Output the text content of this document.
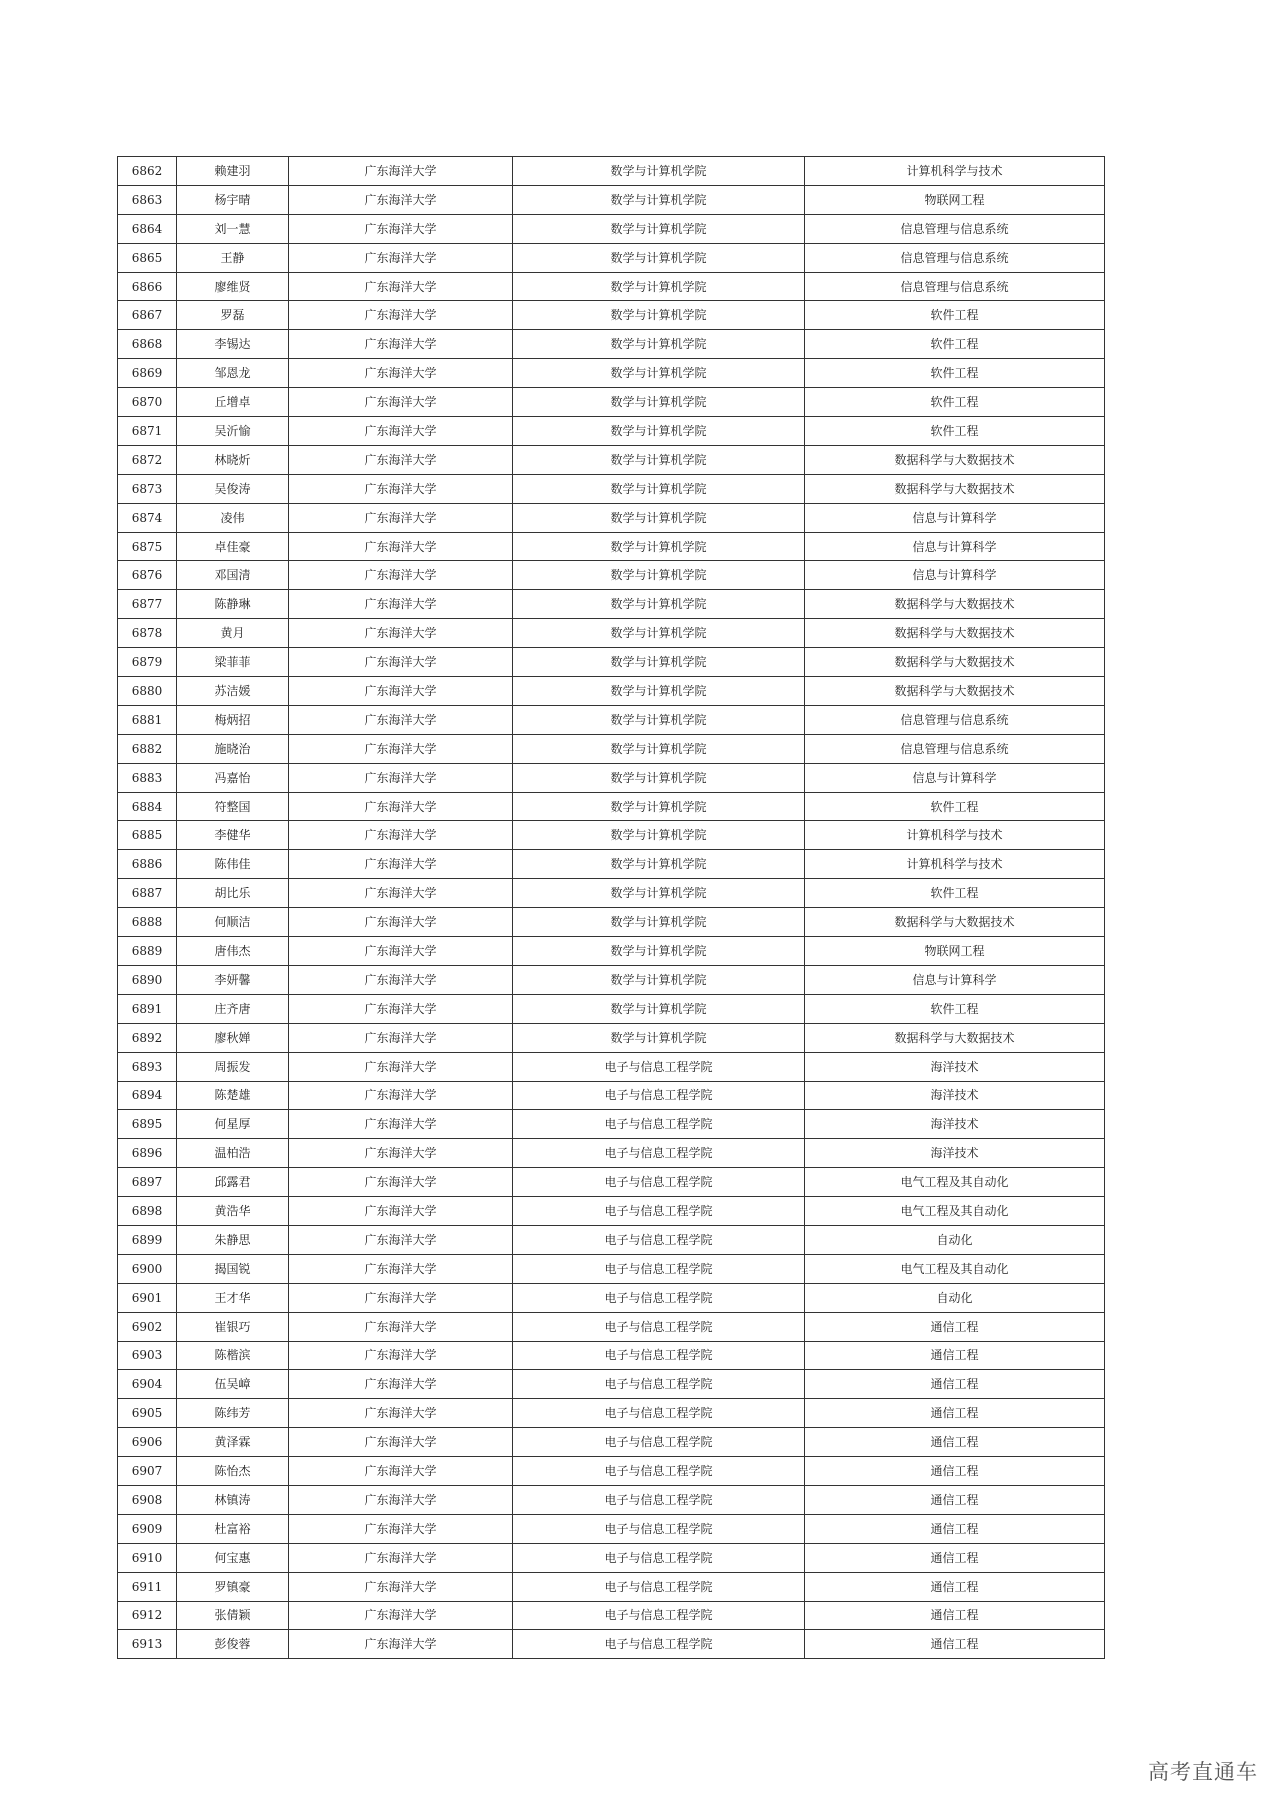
6862	赖建羽	广东海洋大学	数学与计算机学院	计算机科学与技术
6863	杨宇晴	广东海洋大学	数学与计算机学院	物联网工程
6864	刘一慧	广东海洋大学	数学与计算机学院	信息管理与信息系统
6865	王静	广东海洋大学	数学与计算机学院	信息管理与信息系统
6866	廖维贤	广东海洋大学	数学与计算机学院	信息管理与信息系统
6867	罗磊	广东海洋大学	数学与计算机学院	软件工程
6868	李锡达	广东海洋大学	数学与计算机学院	软件工程
6869	邹恩龙	广东海洋大学	数学与计算机学院	软件工程
6870	丘增卓	广东海洋大学	数学与计算机学院	软件工程
6871	吴沂愉	广东海洋大学	数学与计算机学院	软件工程
6872	林晓炘	广东海洋大学	数学与计算机学院	数据科学与大数据技术
6873	吴俊涛	广东海洋大学	数学与计算机学院	数据科学与大数据技术
6874	凌伟	广东海洋大学	数学与计算机学院	信息与计算科学
6875	卓佳豪	广东海洋大学	数学与计算机学院	信息与计算科学
6876	邓国清	广东海洋大学	数学与计算机学院	信息与计算科学
6877	陈静琳	广东海洋大学	数学与计算机学院	数据科学与大数据技术
6878	黄月	广东海洋大学	数学与计算机学院	数据科学与大数据技术
6879	梁菲菲	广东海洋大学	数学与计算机学院	数据科学与大数据技术
6880	苏洁媛	广东海洋大学	数学与计算机学院	数据科学与大数据技术
6881	梅炳招	广东海洋大学	数学与计算机学院	信息管理与信息系统
6882	施晓治	广东海洋大学	数学与计算机学院	信息管理与信息系统
6883	冯嘉怡	广东海洋大学	数学与计算机学院	信息与计算科学
6884	符整国	广东海洋大学	数学与计算机学院	软件工程
6885	李健华	广东海洋大学	数学与计算机学院	计算机科学与技术
6886	陈伟佳	广东海洋大学	数学与计算机学院	计算机科学与技术
6887	胡比乐	广东海洋大学	数学与计算机学院	软件工程
6888	何顺洁	广东海洋大学	数学与计算机学院	数据科学与大数据技术
6889	唐伟杰	广东海洋大学	数学与计算机学院	物联网工程
6890	李妍馨	广东海洋大学	数学与计算机学院	信息与计算科学
6891	庄齐唐	广东海洋大学	数学与计算机学院	软件工程
6892	廖秋婵	广东海洋大学	数学与计算机学院	数据科学与大数据技术
6893	周振发	广东海洋大学	电子与信息工程学院	海洋技术
6894	陈楚雄	广东海洋大学	电子与信息工程学院	海洋技术
6895	何星厚	广东海洋大学	电子与信息工程学院	海洋技术
6896	温柏浩	广东海洋大学	电子与信息工程学院	海洋技术
6897	邱露君	广东海洋大学	电子与信息工程学院	电气工程及其自动化
6898	黄浩华	广东海洋大学	电子与信息工程学院	电气工程及其自动化
6899	朱静思	广东海洋大学	电子与信息工程学院	自动化
6900	揭国锐	广东海洋大学	电子与信息工程学院	电气工程及其自动化
6901	王才华	广东海洋大学	电子与信息工程学院	自动化
6902	崔银巧	广东海洋大学	电子与信息工程学院	通信工程
6903	陈楷滨	广东海洋大学	电子与信息工程学院	通信工程
6904	伍吴嶂	广东海洋大学	电子与信息工程学院	通信工程
6905	陈纬芳	广东海洋大学	电子与信息工程学院	通信工程
6906	黄泽霖	广东海洋大学	电子与信息工程学院	通信工程
6907	陈怡杰	广东海洋大学	电子与信息工程学院	通信工程
6908	林镇涛	广东海洋大学	电子与信息工程学院	通信工程
6909	杜富裕	广东海洋大学	电子与信息工程学院	通信工程
6910	何宝惠	广东海洋大学	电子与信息工程学院	通信工程
6911	罗镇豪	广东海洋大学	电子与信息工程学院	通信工程
6912	张倩颖	广东海洋大学	电子与信息工程学院	通信工程
6913	彭俊蓉	广东海洋大学	电子与信息工程学院	通信工程
高考直通车
